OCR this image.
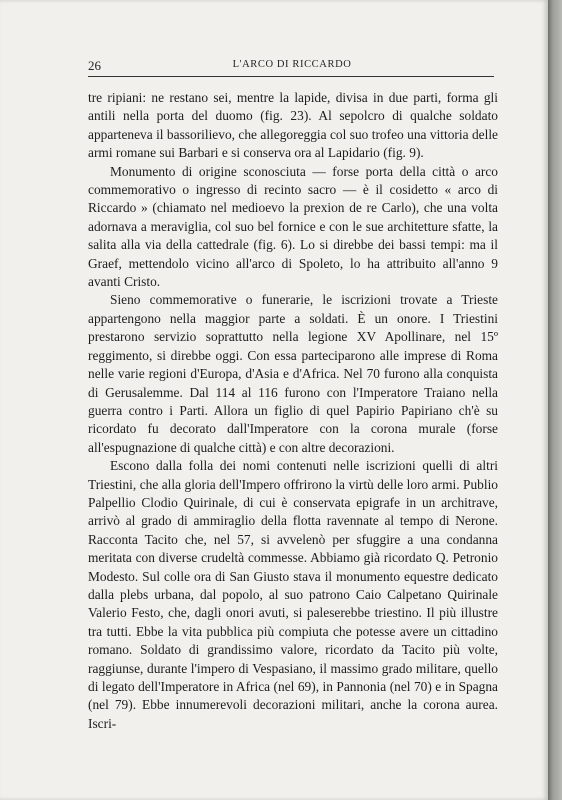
26	L'ARCO DI RICCARDO

tre ripiani: ne restano sei, mentre la lapide, divisa in due parti, forma gli antili nella porta del duomo (fig. 23). Al sepolcro di qualche soldato apparteneva il bassorilievo, che allegoreggia col suo trofeo una vittoria delle armi romane sui Barbari e si conserva ora al Lapidario (fig. 9).

Monumento di origine sconosciuta — forse porta della città o arco commemorativo o ingresso di recinto sacro — è il cosidetto « arco di Riccardo » (chiamato nel medioevo la prexion de re Carlo), che una volta adornava a meraviglia, col suo bel fornice e con le sue architetture sfatte, la salita alla via della cattedrale (fig. 6). Lo si direbbe dei bassi tempi: ma il Graef, mettendolo vicino all'arco di Spoleto, lo ha attribuito all'anno 9 avanti Cristo.

Sieno commemorative o funerarie, le iscrizioni trovate a Trieste appartengono nella maggior parte a soldati. È un onore. I Triestini prestarono servizio soprattutto nella legione XV Apollinare, nel 15º reggimento, si direbbe oggi. Con essa parteciparono alle imprese di Roma nelle varie regioni d'Europa, d'Asia e d'Africa. Nel 70 furono alla conquista di Gerusalemme. Dal 114 al 116 furono con l'Imperatore Traiano nella guerra contro i Parti. Allora un figlio di quel Papirio Papiriano ch'è su ricordato fu decorato dall'Imperatore con la corona murale (forse all'espugnazione di qualche città) e con altre decorazioni.

Escono dalla folla dei nomi contenuti nelle iscrizioni quelli di altri Triestini, che alla gloria dell'Impero offrirono la virtù delle loro armi. Publio Palpellio Clodio Quirinale, di cui è conservata epigrafe in un architrave, arrivò al grado di ammiraglio della flotta ravennate al tempo di Nerone. Racconta Tacito che, nel 57, si avvelenò per sfuggire a una condanna meritata con diverse crudeltà commesse. Abbiamo già ricordato Q. Petronio Modesto. Sul colle ora di San Giusto stava il monumento equestre dedicato dalla plebs urbana, dal popolo, al suo patrono Caio Calpetano Quirinale Valerio Festo, che, dagli onori avuti, si paleserebbe triestino. Il più illustre tra tutti. Ebbe la vita pubblica più compiuta che potesse avere un cittadino romano. Soldato di grandissimo valore, ricordato da Tacito più volte, raggiunse, durante l'impero di Vespasiano, il massimo grado militare, quello di legato dell'Imperatore in Africa (nel 69), in Pannonia (nel 70) e in Spagna (nel 79). Ebbe innumerevoli decorazioni militari, anche la corona aurea. Iscri-
